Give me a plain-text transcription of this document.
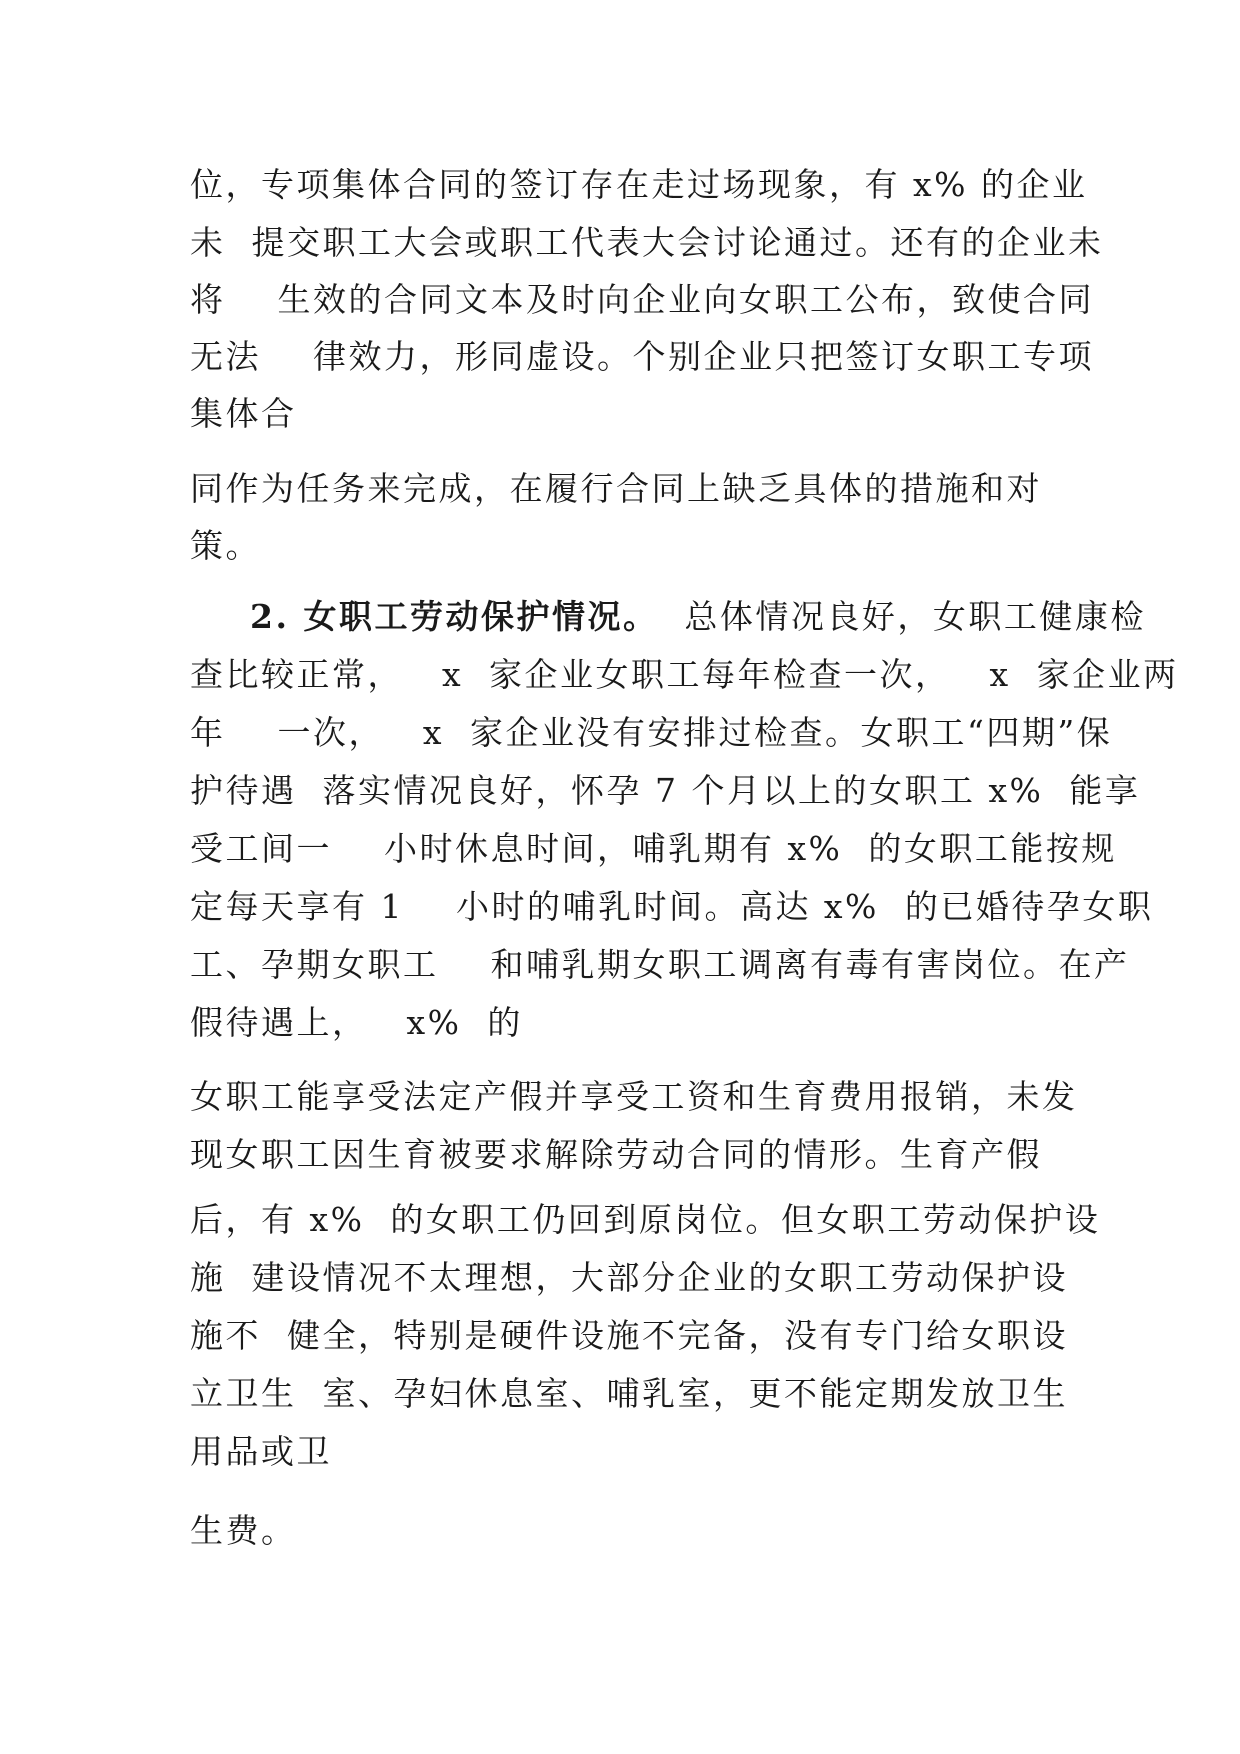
位，专项集体合同的签订存在走过场现象，有 x% 的企业

未  提交职工大会或职工代表大会讨论通过。还有的企业未

将    生效的合同文本及时向企业向女职工公布，致使合同

无法    律效力，形同虚设。个别企业只把签订女职工专项

集体合

同作为任务来完成，在履行合同上缺乏具体的措施和对

策。

2. 女职工劳动保护情况。  总体情况良好，女职工健康检

查比较正常，   x  家企业女职工每年检查一次，   x  家企业两

年    一次，   x  家企业没有安排过检查。女职工“四期”保

护待遇  落实情况良好，怀孕 7 个月以上的女职工 x%  能享

受工间一    小时休息时间，哺乳期有 x%  的女职工能按规

定每天享有 1    小时的哺乳时间。高达 x%  的已婚待孕女职

工、孕期女职工    和哺乳期女职工调离有毒有害岗位。在产

假待遇上，   x%  的

女职工能享受法定产假并享受工资和生育费用报销，未发

现女职工因生育被要求解除劳动合同的情形。生育产假

后，有 x%  的女职工仍回到原岗位。但女职工劳动保护设

施  建设情况不太理想，大部分企业的女职工劳动保护设

施不  健全，特别是硬件设施不完备，没有专门给女职设

立卫生  室、孕妇休息室、哺乳室，更不能定期发放卫生

用品或卫

生费。
